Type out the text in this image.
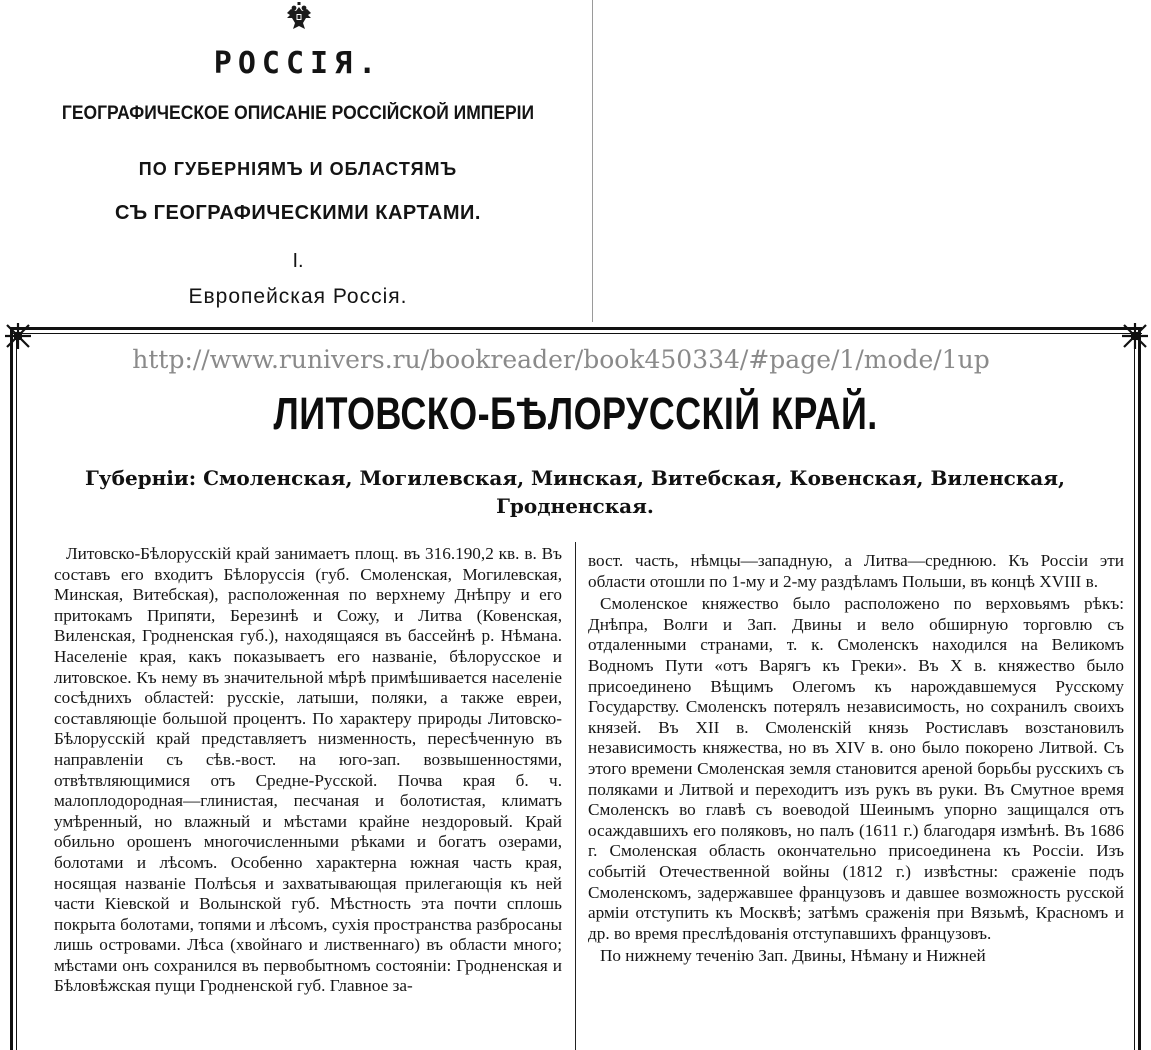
РОССІЯ.
ГЕОГРАФИЧЕСКОЕ ОПИСАНІЕ РОССІЙСКОЙ ИМПЕРІИ
ПО ГУБЕРНІЯМЪ И ОБЛАСТЯМЪ
СЪ ГЕОГРАФИЧЕСКИМИ КАРТАМИ.
I.
Европейская Россія.
http://www.runivers.ru/bookreader/book450334/#page/1/mode/1up
ЛИТОВСКО-БѢЛОРУССКІЙ КРАЙ.
Губерніи: Смоленская, Могилевская, Минская, Витебская, Ковенская, Виленская, Гродненская.

Литовско-Бѣлорусскій край занимаетъ площ. въ 316.190,2 кв. в. Въ составъ его входитъ Бѣлоруссія (губ. Смоленская, Могилевская, Минская, Витебская), расположенная по верхнему Днѣпру и его притокамъ Припяти, Березинѣ и Сожу, и Литва (Ковенская, Виленская, Гродненская губ.), находящаяся въ бассейнѣ р. Нѣмана. Населеніе края, какъ показываетъ его названіе, бѣлорусское и литовское. Къ нему въ значительной мѣрѣ примѣшивается населеніе сосѣднихъ областей: русскіе, латыши, поляки, а также евреи, составляющіе большой процентъ. По характеру природы Литовско-Бѣлорусскій край представляетъ низменность, пересѣченную въ направленіи съ сѣв.-вост. на юго-зап. возвышенностями, отвѣтвляющимися отъ Средне-Русской. Почва края б. ч. малоплодородная—глинистая, песчаная и болотистая, климатъ умѣренный, но влажный и мѣстами крайне нездоровый. Край обильно орошенъ многочисленными рѣками и богатъ озерами, болотами и лѣсомъ. Особенно характерна южная часть края, носящая названіе Полѣсья и захватывающая прилегающія къ ней части Кіевской и Волынской губ. Мѣстность эта почти сплошь покрыта болотами, топями и лѣсомъ, сухія пространства разбросаны лишь островами. Лѣса (хвойнаго и лиственнаго) въ области много; мѣстами онъ сохранился въ первобытномъ состояніи: Гродненская и Бѣловѣжская пущи Гродненской губ. Главное за-

вост. часть, нѣмцы—западную, а Литва—среднюю. Къ Россіи эти области отошли по 1-му и 2-му раздѣламъ Польши, въ концѣ XVIII в.

Смоленское княжество было расположено по верховьямъ рѣкъ: Днѣпра, Волги и Зап. Двины и вело обширную торговлю съ отдаленными странами, т. к. Смоленскъ находился на Великомъ Водномъ Пути «отъ Варягъ къ Греки». Въ X в. княжество было присоединено Вѣщимъ Олегомъ къ нарождавшемуся Русскому Государству. Смоленскъ потерялъ независимость, но сохранилъ своихъ князей. Въ XII в. Смоленскій князь Ростиславъ возстановилъ независимость княжества, но въ XIV в. оно было покорено Литвой. Съ этого времени Смоленская земля становится ареной борьбы русскихъ съ поляками и Литвой и переходитъ изъ рукъ въ руки. Въ Смутное время Смоленскъ во главѣ съ воеводой Шеинымъ упорно защищался отъ осаждавшихъ его поляковъ, но палъ (1611 г.) благодаря измѣнѣ. Въ 1686 г. Смоленская область окончательно присоединена къ Россіи. Изъ событій Отечественной войны (1812 г.) извѣстны: сраженіе подъ Смоленскомъ, задержавшее французовъ и давшее возможность русской арміи отступить къ Москвѣ; затѣмъ сраженія при Вязьмѣ, Красномъ и др. во время преслѣдованія отступавшихъ французовъ.

По нижнему теченію Зап. Двины, Нѣману и Нижней
